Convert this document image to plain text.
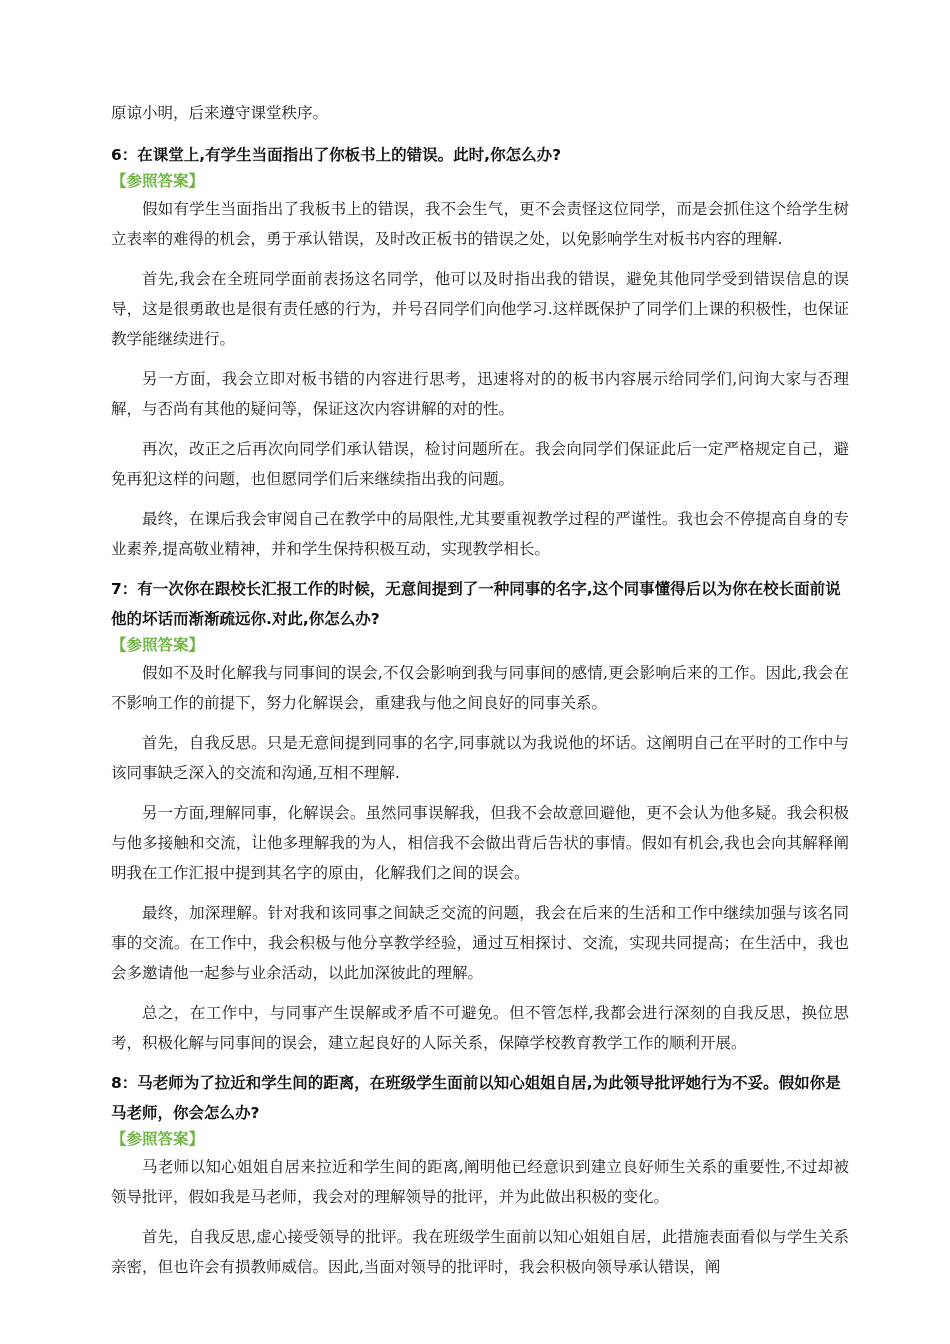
原谅小明，后来遵守课堂秩序。

6：在课堂上,有学生当面指出了你板书上的错误。此时,你怎么办?

【参照答案】

假如有学生当面指出了我板书上的错误，我不会生气，更不会责怪这位同学，而是会抓住这个给学生树立表率的难得的机会，勇于承认错误，及时改正板书的错误之处，以免影响学生对板书内容的理解.

首先,我会在全班同学面前表扬这名同学，他可以及时指出我的错误，避免其他同学受到错误信息的误导，这是很勇敢也是很有责任感的行为，并号召同学们向他学习.这样既保护了同学们上课的积极性，也保证教学能继续进行。

另一方面，我会立即对板书错的内容进行思考，迅速将对的的板书内容展示给同学们,问询大家与否理解，与否尚有其他的疑问等，保证这次内容讲解的对的性。

再次，改正之后再次向同学们承认错误，检讨问题所在。我会向同学们保证此后一定严格规定自己，避免再犯这样的问题，也但愿同学们后来继续指出我的问题。

最终，在课后我会审阅自己在教学中的局限性,尤其要重视教学过程的严谨性。我也会不停提高自身的专业素养,提高敬业精神，并和学生保持积极互动，实现教学相长。

7：有一次你在跟校长汇报工作的时候，无意间提到了一种同事的名字,这个同事懂得后以为你在校长面前说他的坏话而渐渐疏远你.对此,你怎么办?

【参照答案】

假如不及时化解我与同事间的误会,不仅会影响到我与同事间的感情,更会影响后来的工作。因此,我会在不影响工作的前提下，努力化解误会，重建我与他之间良好的同事关系。

首先，自我反思。只是无意间提到同事的名字,同事就以为我说他的坏话。这阐明自己在平时的工作中与该同事缺乏深入的交流和沟通,互相不理解.

另一方面,理解同事，化解误会。虽然同事误解我，但我不会故意回避他，更不会认为他多疑。我会积极与他多接触和交流，让他多理解我的为人，相信我不会做出背后告状的事情。假如有机会,我也会向其解释阐明我在工作汇报中提到其名字的原由，化解我们之间的误会。

最终，加深理解。针对我和该同事之间缺乏交流的问题，我会在后来的生活和工作中继续加强与该名同事的交流。在工作中，我会积极与他分享教学经验，通过互相探讨、交流，实现共同提高；在生活中，我也会多邀请他一起参与业余活动，以此加深彼此的理解。

总之，在工作中，与同事产生误解或矛盾不可避免。但不管怎样,我都会进行深刻的自我反思，换位思考，积极化解与同事间的误会，建立起良好的人际关系，保障学校教育教学工作的顺利开展。

8：马老师为了拉近和学生间的距离，在班级学生面前以知心姐姐自居,为此领导批评她行为不妥。假如你是马老师，你会怎么办?

【参照答案】

马老师以知心姐姐自居来拉近和学生间的距离,阐明他已经意识到建立良好师生关系的重要性,不过却被领导批评，假如我是马老师，我会对的理解领导的批评，并为此做出积极的变化。

首先，自我反思,虚心接受领导的批评。我在班级学生面前以知心姐姐自居，此措施表面看似与学生关系亲密，但也许会有损教师威信。因此,当面对领导的批评时，我会积极向领导承认错误，阐
